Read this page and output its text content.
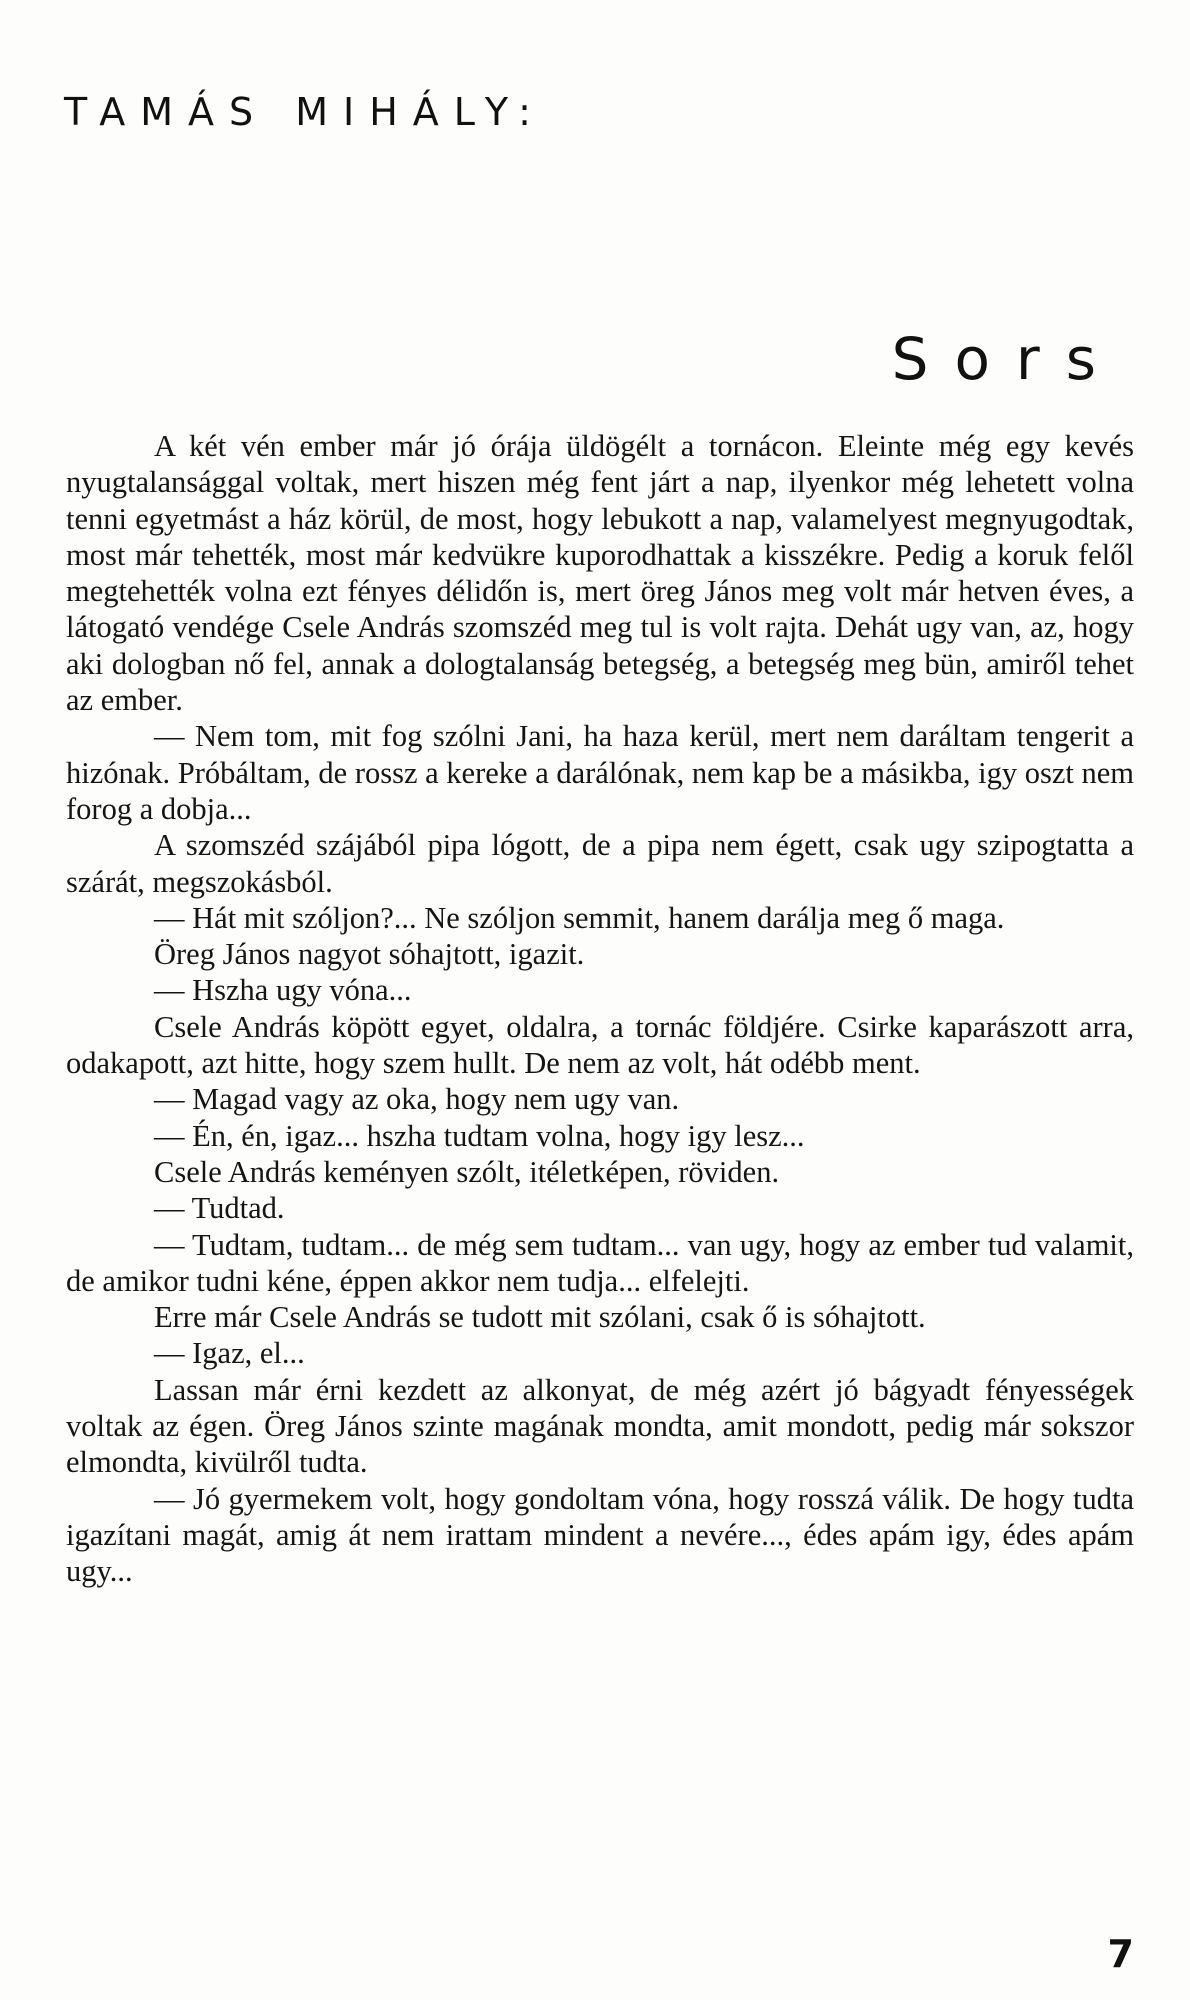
TAMÁS MIHÁLY:
Sors

A két vén ember már jó órája üldögélt a tornácon. Eleinte még egy kevés nyugtalansággal voltak, mert hiszen még fent járt a nap, ilyenkor még lehetett volna tenni egyetmást a ház körül, de most, hogy lebukott a nap, valamelyest megnyugodtak, most már tehették, most már kedvükre kuporodhattak a kisszékre. Pedig a koruk felől megtehették volna ezt fényes délidőn is, mert öreg János meg volt már hetven éves, a látogató vendége Csele András szomszéd meg tul is volt rajta. Dehát ugy van, az, hogy aki dologban nő fel, annak a dologtalanság betegség, a betegség meg bün, amiről tehet az ember.

— Nem tom, mit fog szólni Jani, ha haza kerül, mert nem daráltam tengerit a hizónak. Próbáltam, de rossz a kereke a darálónak, nem kap be a másikba, igy oszt nem forog a dobja...

A szomszéd szájából pipa lógott, de a pipa nem égett, csak ugy szipogtatta a szárát, megszokásból.

— Hát mit szóljon?... Ne szóljon semmit, hanem darálja meg ő maga.

Öreg János nagyot sóhajtott, igazit.

— Hszha ugy vóna...

Csele András köpött egyet, oldalra, a tornác földjére. Csirke kaparászott arra, odakapott, azt hitte, hogy szem hullt. De nem az volt, hát odébb ment.

— Magad vagy az oka, hogy nem ugy van.

— Én, én, igaz... hszha tudtam volna, hogy igy lesz...

Csele András keményen szólt, itéletképen, röviden.

— Tudtad.

— Tudtam, tudtam... de még sem tudtam... van ugy, hogy az ember tud valamit, de amikor tudni kéne, éppen akkor nem tudja... elfelejti.

Erre már Csele András se tudott mit szólani, csak ő is sóhajtott.

— Igaz, el...

Lassan már érni kezdett az alkonyat, de még azért jó bágyadt fényességek voltak az égen. Öreg János szinte magának mondta, amit mondott, pedig már sokszor elmondta, kivülről tudta.

— Jó gyermekem volt, hogy gondoltam vóna, hogy rosszá válik. De hogy tudta igazítani magát, amig át nem irattam mindent a nevére..., édes apám igy, édes apám ugy...

7
